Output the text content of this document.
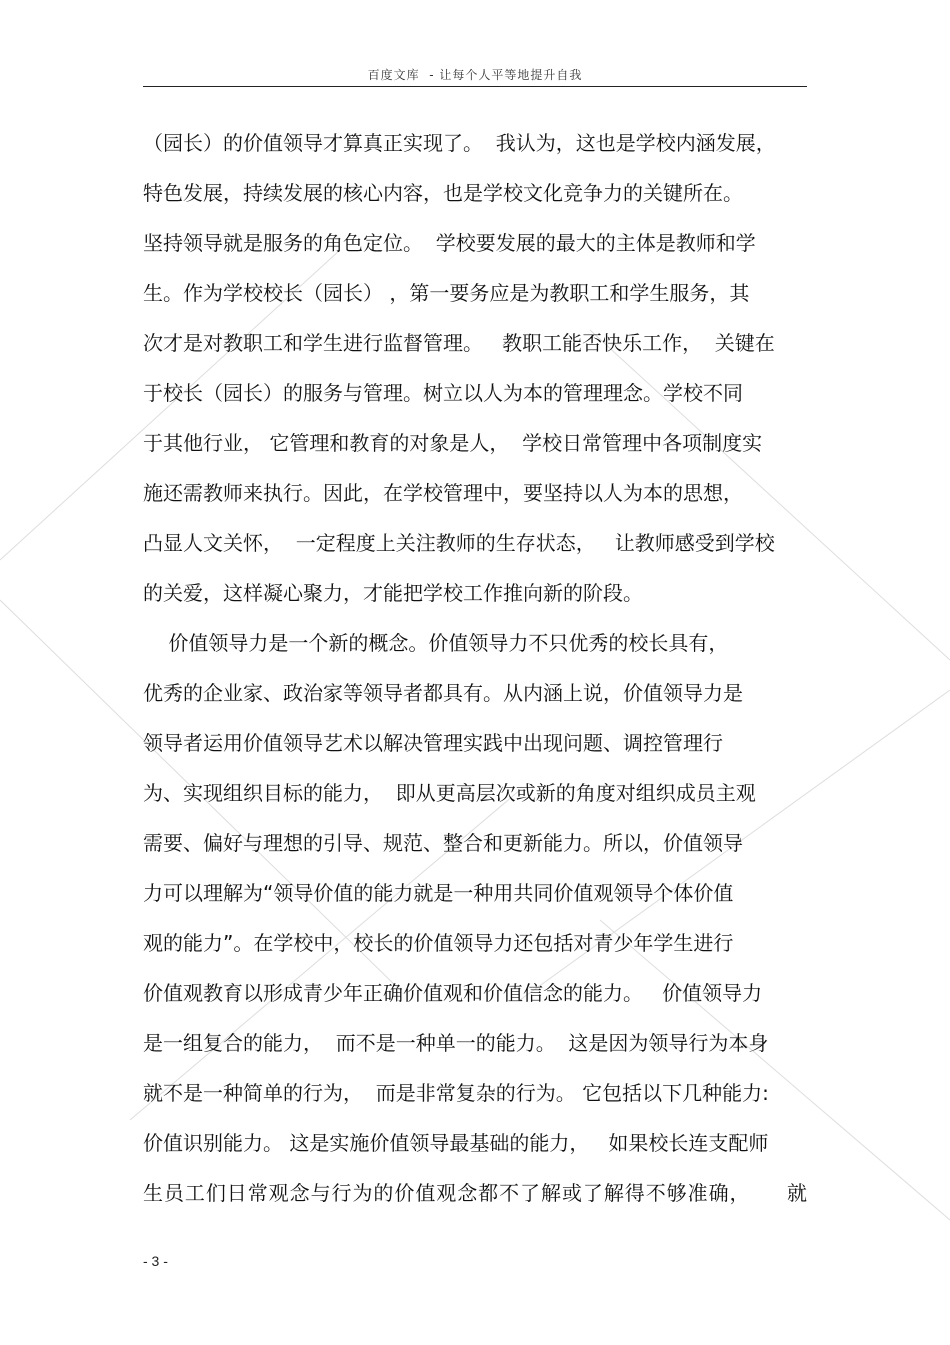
百度文库  - 让每个人平等地提升自我
（园长）的价值领导才算真正实现了。  我认为，这也是学校内涵发展，
特色发展，持续发展的核心内容，也是学校文化竞争力的关键所在。
坚持领导就是服务的角色定位。  学校要发展的最大的主体是教师和学
生。作为学校校长（园长） ，第一要务应是为教职工和学生服务，其
次才是对教职工和学生进行监督管理。   教职工能否快乐工作，  关键在
于校长（园长）的服务与管理。树立以人为本的管理理念。学校不同
于其他行业， 它管理和教育的对象是人，  学校日常管理中各项制度实
施还需教师来执行。因此，在学校管理中，要坚持以人为本的思想，
凸显人文关怀，  一定程度上关注教师的生存状态，   让教师感受到学校
的关爱，这样凝心聚力，才能把学校工作推向新的阶段。
价值领导力是一个新的概念。价值领导力不只优秀的校长具有，
优秀的企业家、政治家等领导者都具有。从内涵上说，价值领导力是
领导者运用价值领导艺术以解决管理实践中出现问题、调控管理行
为、实现组织目标的能力，  即从更高层次或新的角度对组织成员主观
需要、偏好与理想的引导、规范、整合和更新能力。所以，价值领导
力可以理解为“领导价值的能力就是一种用共同价值观领导个体价值
观的能力”。在学校中，校长的价值领导力还包括对青少年学生进行
价值观教育以形成青少年正确价值观和价值信念的能力。   价值领导力
是一组复合的能力，  而不是一种单一的能力。  这是因为领导行为本身
就不是一种简单的行为，  而是非常复杂的行为。 它包括以下几种能力:
价值识别能力。 这是实施价值领导最基础的能力，   如果校长连支配师
生员工们日常观念与行为的价值观念都不了解或了解得不够准确，     就
- 3 -
